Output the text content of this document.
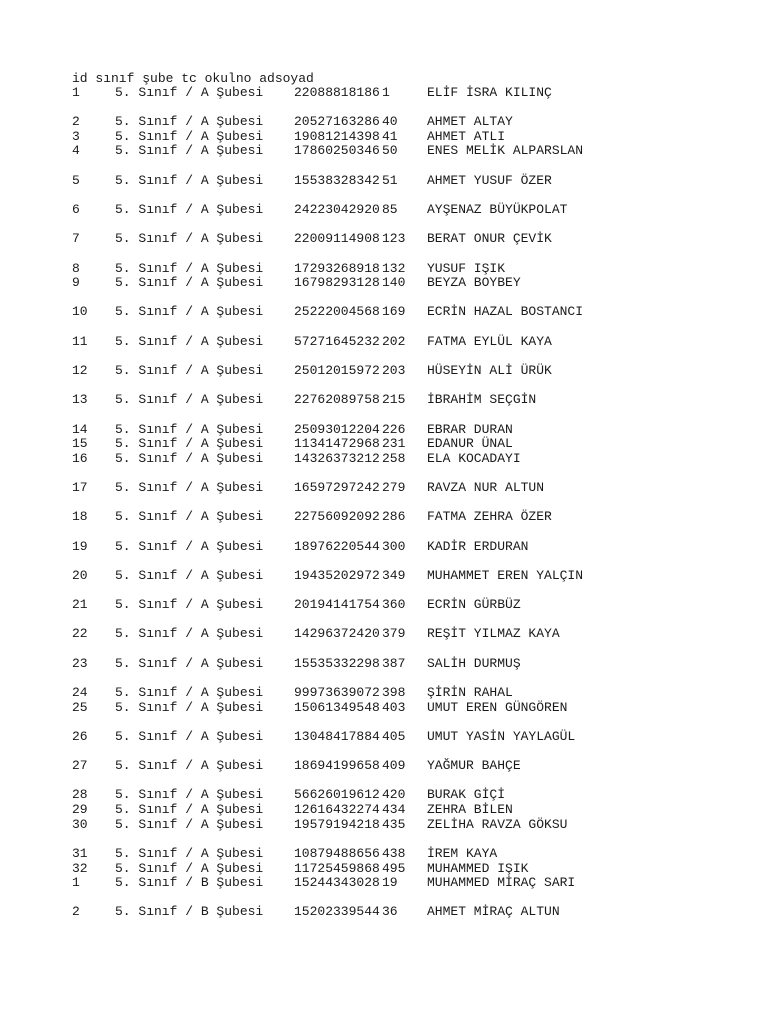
id sınıf şube tc okulno adsoyad
1	5. Sınıf / A Şubesi 22088818186 1	ELİF İSRA KILINÇ
2	5. Sınıf / A Şubesi 20527163286 40 AHMET ALTAY
3	5. Sınıf / A Şubesi 19081214398 41 AHMET ATLI
4	5. Sınıf / A Şubesi 17860250346 50 ENES MELİK ALPARSLAN
5	5. Sınıf / A Şubesi 15538328342 51 AHMET YUSUF ÖZER
6	5. Sınıf / A Şubesi 24223042920 85 AYŞENAZ BÜYÜKPOLAT
7	5. Sınıf / A Şubesi 22009114908 123 BERAT ONUR ÇEVİK
8	5. Sınıf / A Şubesi 17293268918 132 YUSUF IŞIK
9	5. Sınıf / A Şubesi 16798293128 140 BEYZA BOYBEY
10 5. Sınıf / A Şubesi 25222004568 169 ECRİN HAZAL BOSTANCI
11 5. Sınıf / A Şubesi 57271645232 202 FATMA EYLÜL KAYA
12 5. Sınıf / A Şubesi 25012015972 203 HÜSEYİN ALİ ÜRÜK
13 5. Sınıf / A Şubesi 22762089758 215 İBRAHİM SEÇGİN
14 5. Sınıf / A Şubesi 25093012204 226 EBRAR DURAN
15 5. Sınıf / A Şubesi 11341472968 231 EDANUR ÜNAL
16 5. Sınıf / A Şubesi 14326373212 258 ELA KOCADAYI
17 5. Sınıf / A Şubesi 16597297242 279 RAVZA NUR ALTUN
18 5. Sınıf / A Şubesi 22756092092 286 FATMA ZEHRA ÖZER
19 5. Sınıf / A Şubesi 18976220544 300 KADİR ERDURAN
20 5. Sınıf / A Şubesi 19435202972 349 MUHAMMET EREN YALÇIN
21 5. Sınıf / A Şubesi 20194141754 360 ECRİN GÜRBÜZ
22 5. Sınıf / A Şubesi 14296372420 379 REŞİT YILMAZ KAYA
23 5. Sınıf / A Şubesi 15535332298 387 SALİH DURMUŞ
24 5. Sınıf / A Şubesi 99973639072 398 ŞİRİN RAHAL
25 5. Sınıf / A Şubesi 15061349548 403 UMUT EREN GÜNGÖREN
26 5. Sınıf / A Şubesi 13048417884 405 UMUT YASİN YAYLAGÜL
27 5. Sınıf / A Şubesi 18694199658 409 YAĞMUR BAHÇE
28 5. Sınıf / A Şubesi 56626019612 420 BURAK GİÇİ
29 5. Sınıf / A Şubesi 12616432274 434 ZEHRA BİLEN
30 5. Sınıf / A Şubesi 19579194218 435 ZELİHA RAVZA GÖKSU
31 5. Sınıf / A Şubesi 10879488656 438 İREM KAYA
32 5. Sınıf / A Şubesi 11725459868 495 MUHAMMED IŞIK
1	5. Sınıf / B Şubesi 15244343028 19 MUHAMMED MİRAÇ SARI
2	5. Sınıf / B Şubesi 15202339544 36 AHMET MİRAÇ ALTUN
